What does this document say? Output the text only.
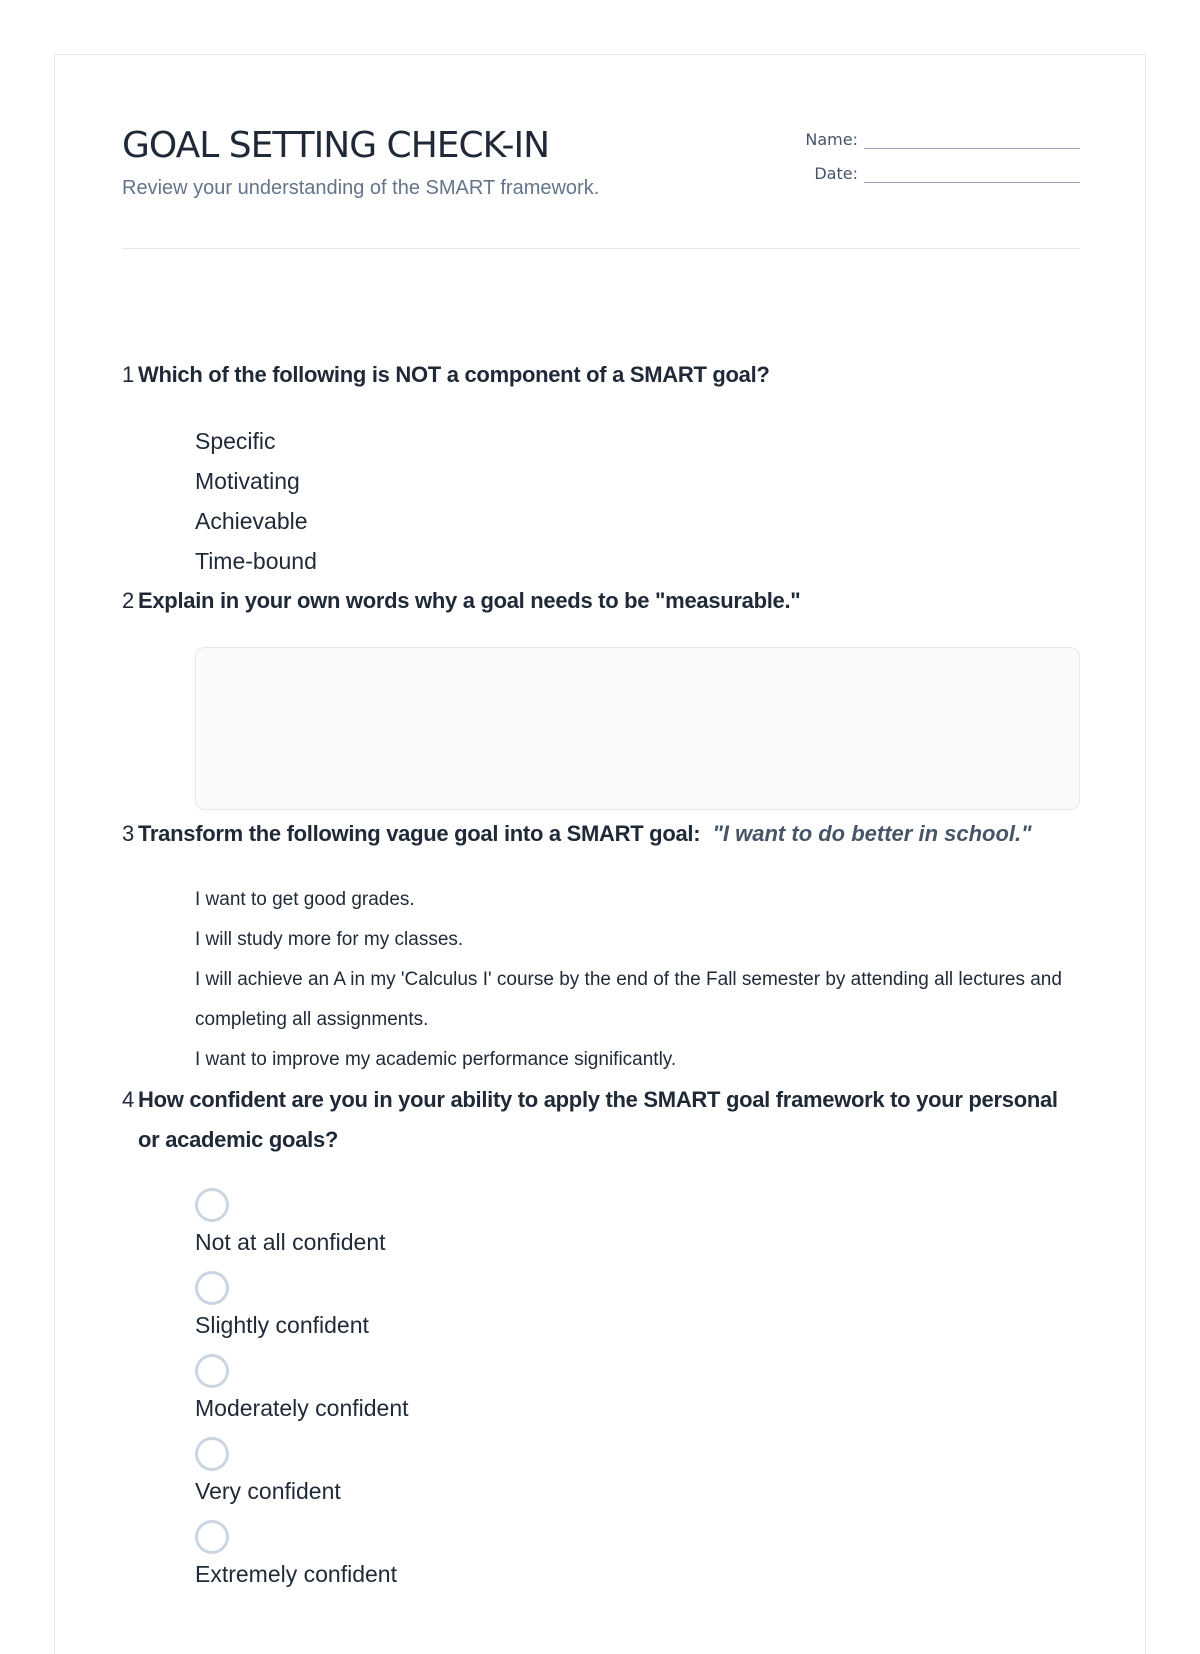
GOAL SETTING CHECK-IN
Review your understanding of the SMART framework.
Name:
Date:
1 Which of the following is NOT a component of a SMART goal?
Specific
Motivating
Achievable
Time-bound
2 Explain in your own words why a goal needs to be "measurable."
3 Transform the following vague goal into a SMART goal: "I want to do better in school."
I want to get good grades.
I will study more for my classes.
I will achieve an A in my 'Calculus I' course by the end of the Fall semester by attending all lectures and completing all assignments.
I want to improve my academic performance significantly.
4 How confident are you in your ability to apply the SMART goal framework to your personal or academic goals?
Not at all confident
Slightly confident
Moderately confident
Very confident
Extremely confident
